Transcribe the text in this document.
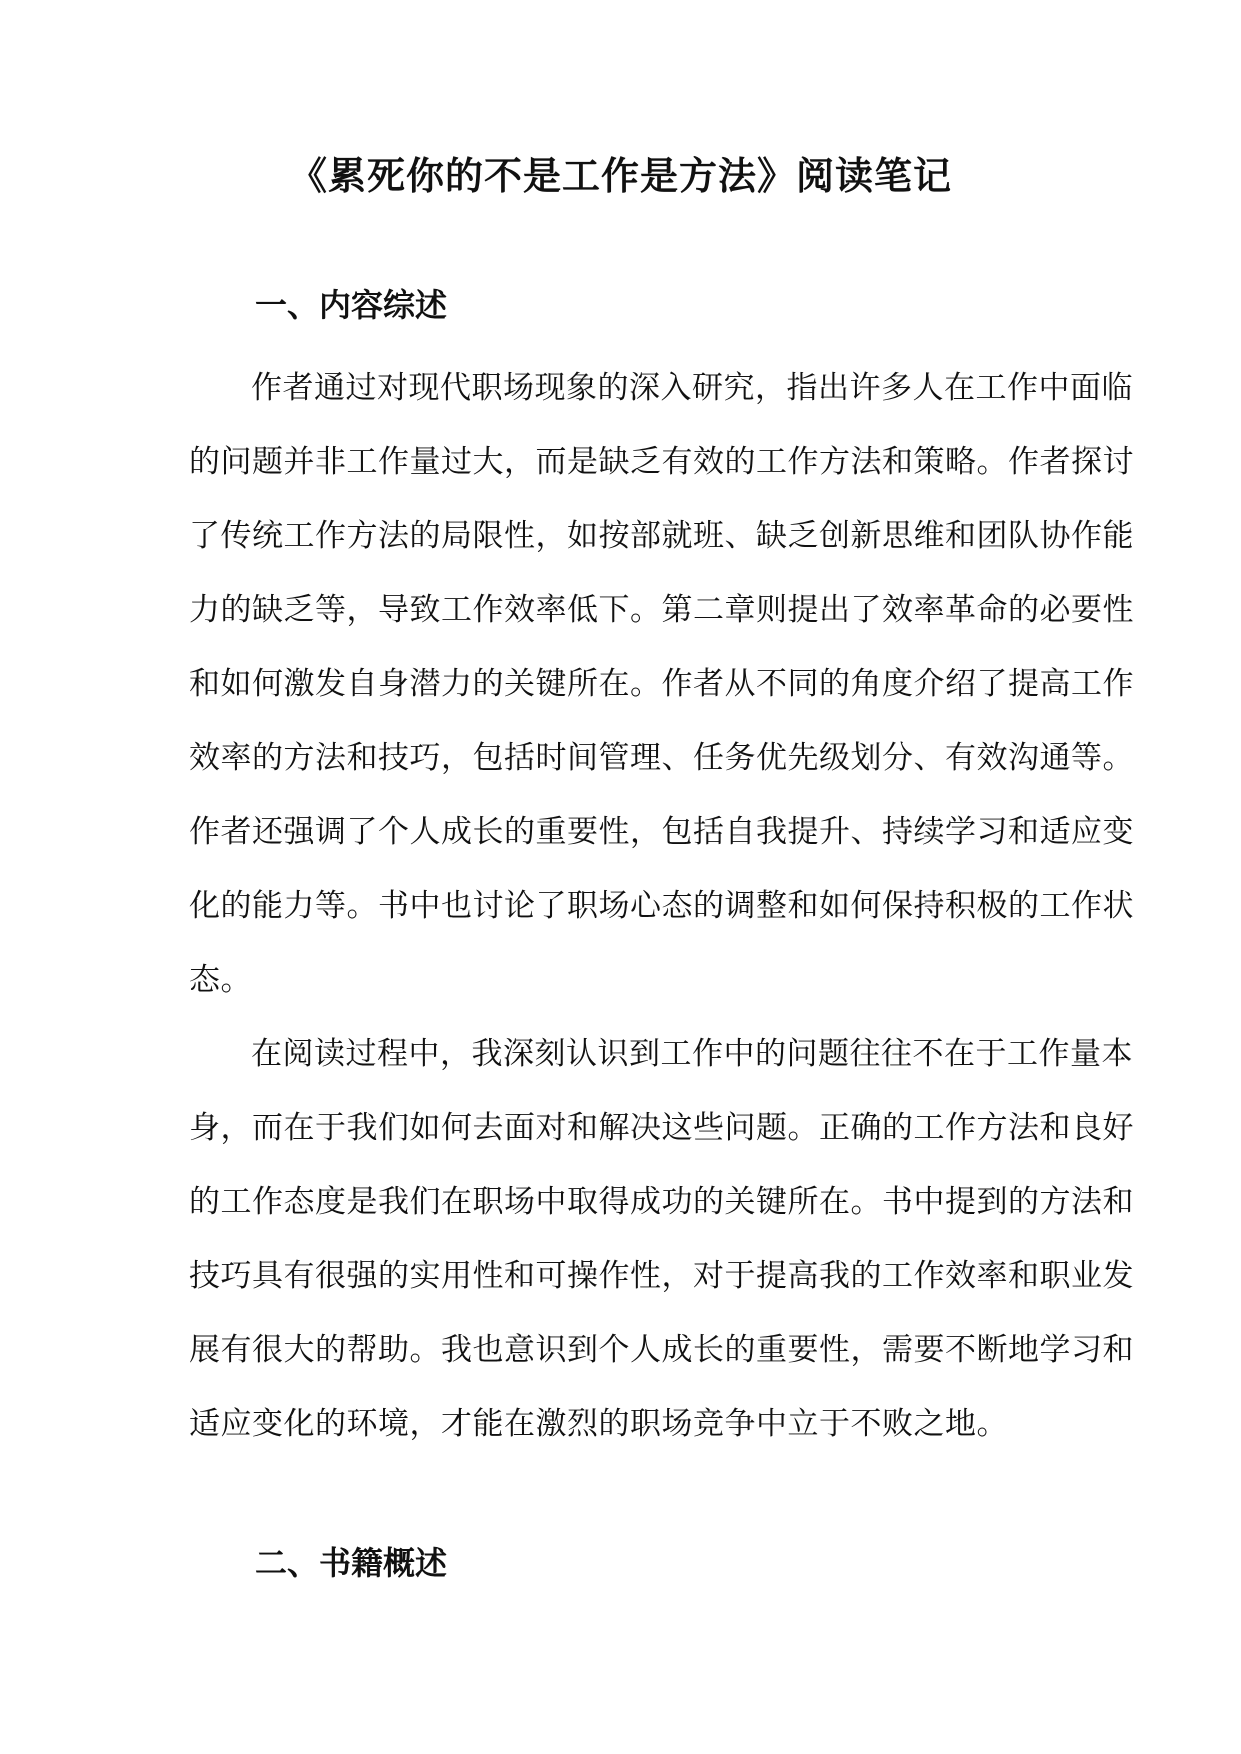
《累死你的不是工作是方法》阅读笔记
一、内容综述
作者通过对现代职场现象的深入研究，指出许多人在工作中面临
的问题并非工作量过大，而是缺乏有效的工作方法和策略。作者探讨
了传统工作方法的局限性，如按部就班、缺乏创新思维和团队协作能
力的缺乏等，导致工作效率低下。第二章则提出了效率革命的必要性
和如何激发自身潜力的关键所在。作者从不同的角度介绍了提高工作
效率的方法和技巧，包括时间管理、任务优先级划分、有效沟通等。
作者还强调了个人成长的重要性，包括自我提升、持续学习和适应变
化的能力等。书中也讨论了职场心态的调整和如何保持积极的工作状
态。
在阅读过程中，我深刻认识到工作中的问题往往不在于工作量本
身，而在于我们如何去面对和解决这些问题。正确的工作方法和良好
的工作态度是我们在职场中取得成功的关键所在。书中提到的方法和
技巧具有很强的实用性和可操作性，对于提高我的工作效率和职业发
展有很大的帮助。我也意识到个人成长的重要性，需要不断地学习和
适应变化的环境，才能在激烈的职场竞争中立于不败之地。
二、书籍概述
